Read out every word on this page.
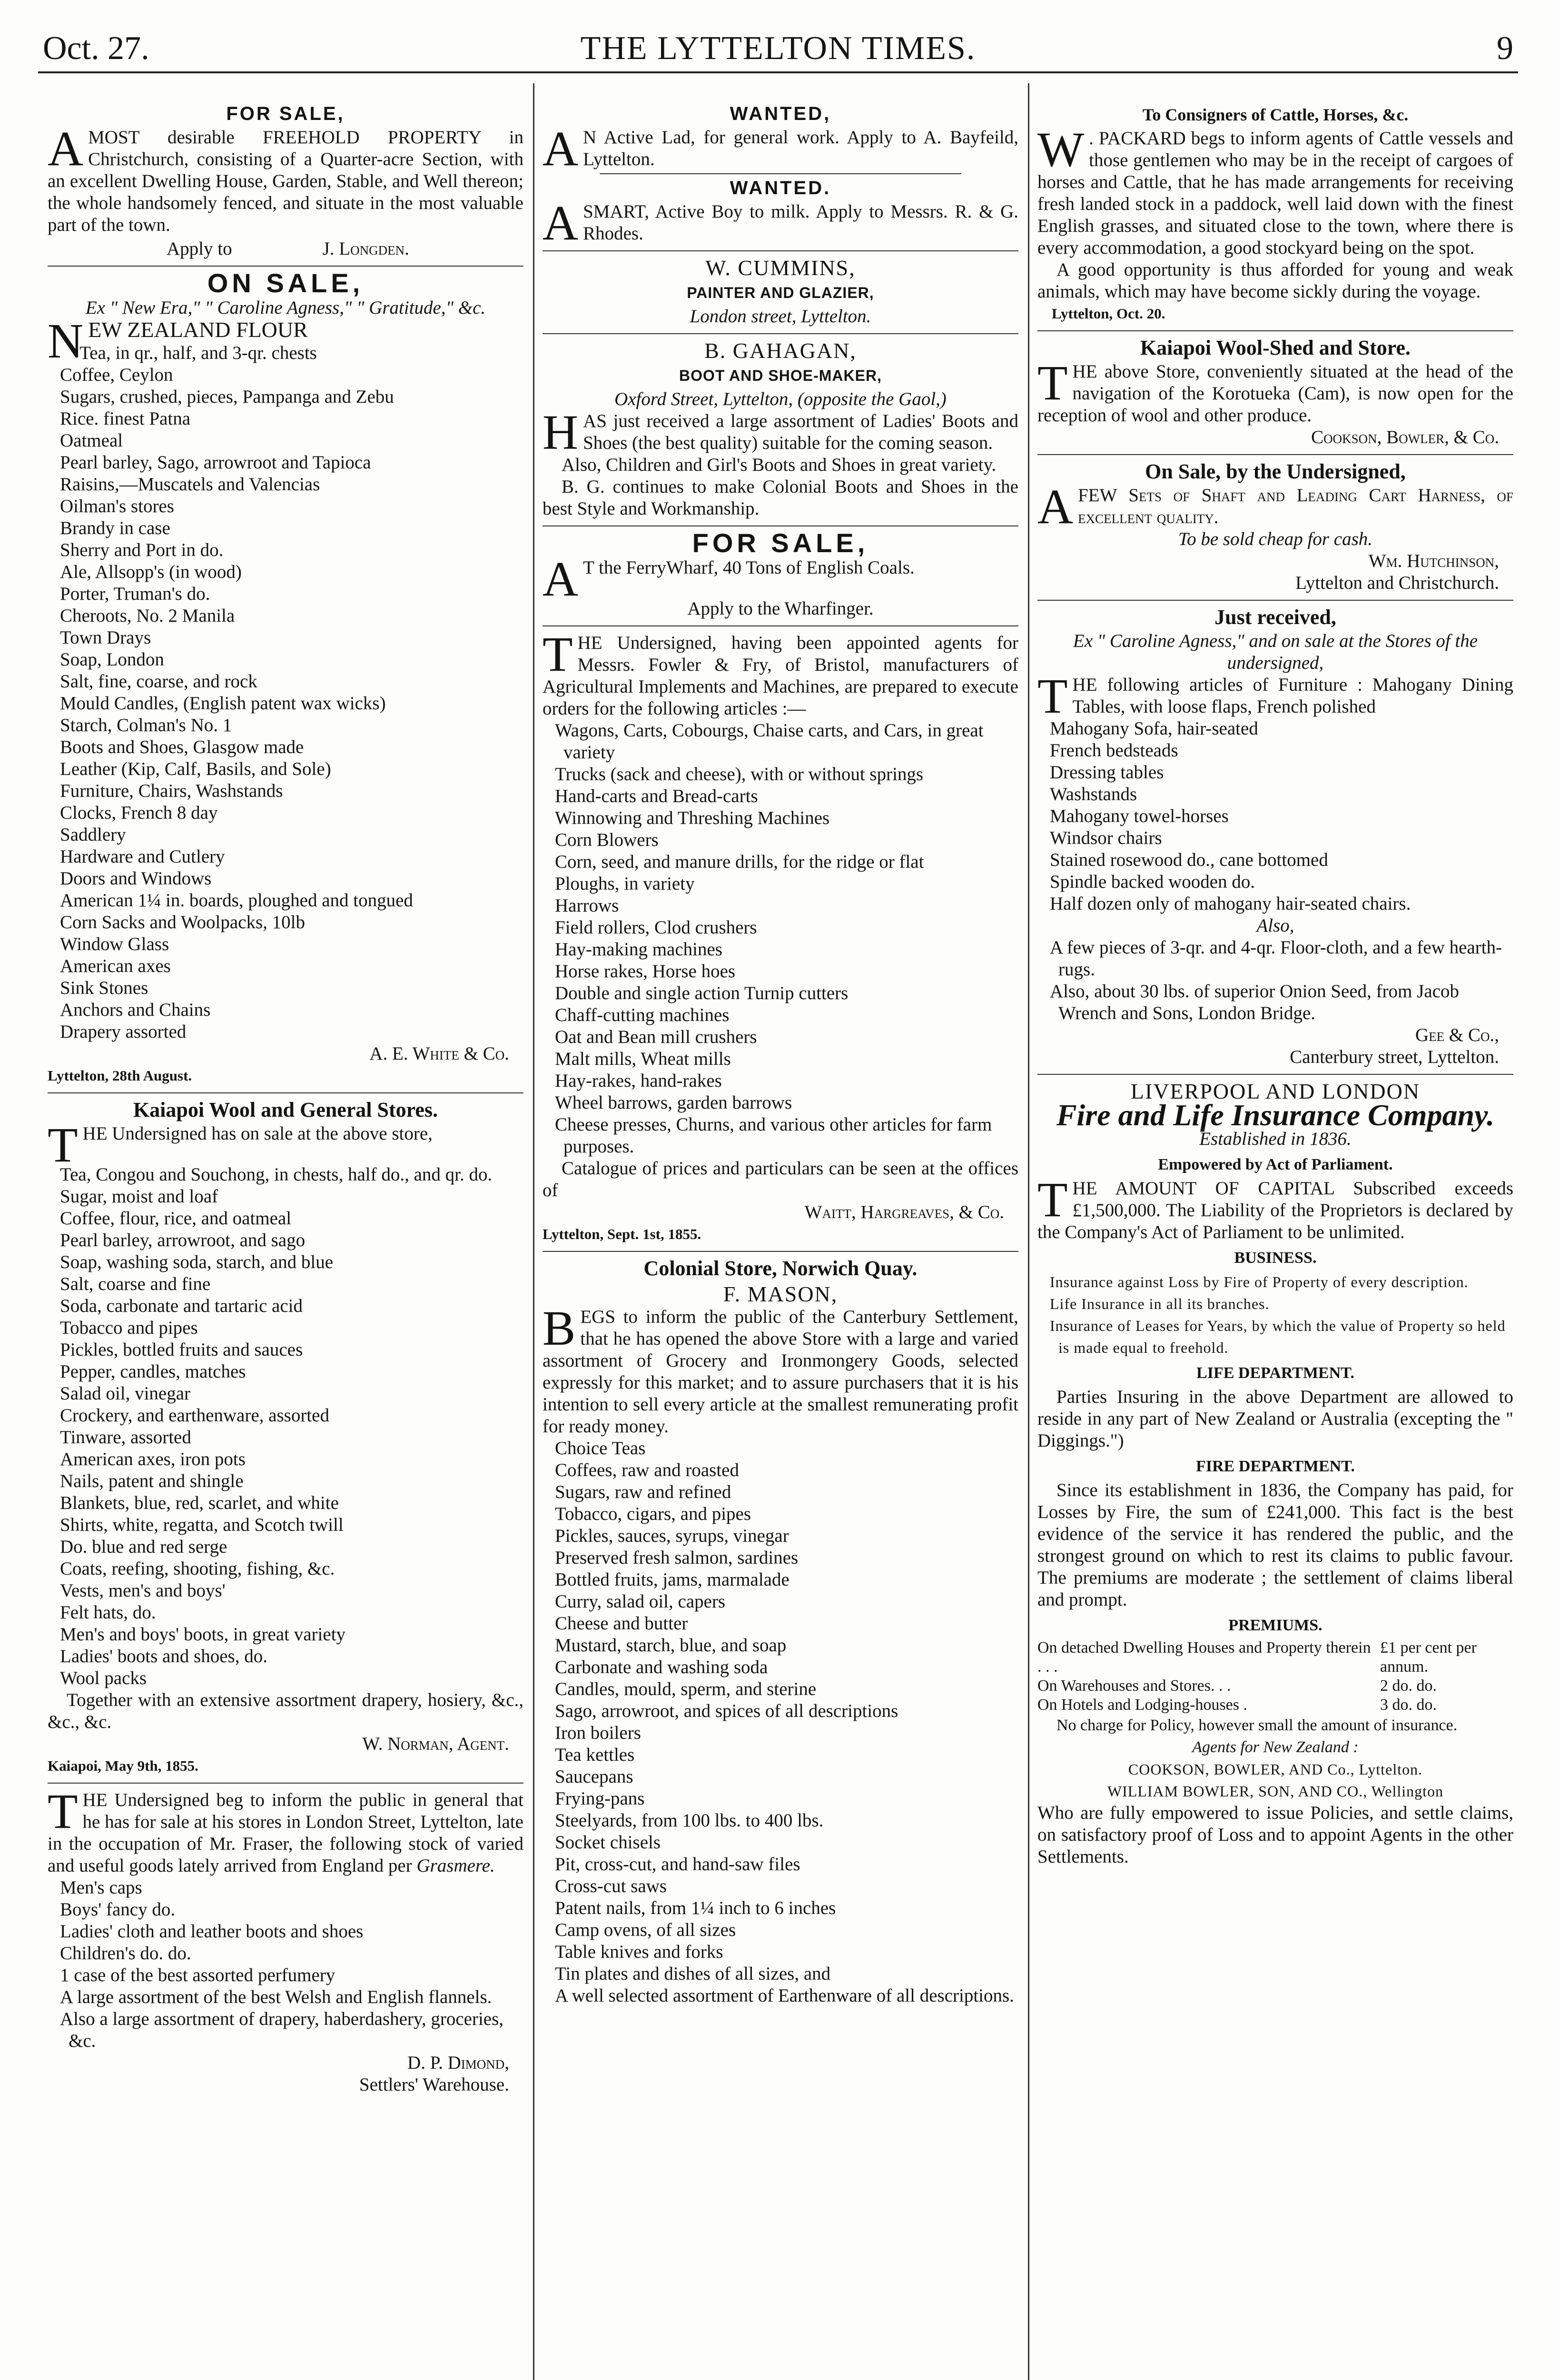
Oct. 27.	THE LYTTELTON TIMES.	9
FOR SALE,

AMOST desirable FREEHOLD PROPERTY in Christchurch, consisting of a Quarter-acre Section, with an excellent Dwelling House, Garden, Stable, and Well thereon; the whole handsomely fenced, and situate in the most valuable part of the town.

Apply to	J. Longden.

ON SALE,
Ex " New Era," " Caroline Agness," " Gratitude," &c.

NEW ZEALAND FLOUR

Tea, in qr., half, and 3-qr. chests
Coffee, Ceylon
Sugars, crushed, pieces, Pampanga and Zebu
Rice. finest Patna
Oatmeal
Pearl barley, Sago, arrowroot and Tapioca
Raisins,—Muscatels and Valencias
Oilman's stores
Brandy in case
Sherry and Port in do.
Ale, Allsopp's (in wood)
Porter, Truman's do.
Cheroots, No. 2 Manila
Town Drays
Soap, London
Salt, fine, coarse, and rock
Mould Candles, (English patent wax wicks)
Starch, Colman's No. 1
Boots and Shoes, Glasgow made
Leather (Kip, Calf, Basils, and Sole)
Furniture, Chairs, Washstands
Clocks, French 8 day
Saddlery
Hardware and Cutlery
Doors and Windows
American 1¼ in. boards, ploughed and tongued
Corn Sacks and Woolpacks, 10lb
Window Glass
American axes
Sink Stones
Anchors and Chains
Drapery assorted
A. E. White & Co.
Lyttelton, 28th August.
Kaiapoi Wool and General Stores.

THE Undersigned has on sale at the above store,

Tea, Congou and Souchong, in chests, half do., and qr. do.
Sugar, moist and loaf
Coffee, flour, rice, and oatmeal
Pearl barley, arrowroot, and sago
Soap, washing soda, starch, and blue
Salt, coarse and fine
Soda, carbonate and tartaric acid
Tobacco and pipes
Pickles, bottled fruits and sauces
Pepper, candles, matches
Salad oil, vinegar
Crockery, and earthenware, assorted
Tinware, assorted
American axes, iron pots
Nails, patent and shingle
Blankets, blue, red, scarlet, and white
Shirts, white, regatta, and Scotch twill
Do. blue and red serge
Coats, reefing, shooting, fishing, &c.
Vests, men's and boys'
Felt hats, do.
Men's and boys' boots, in great variety
Ladies' boots and shoes, do.
Wool packs

Together with an extensive assortment drapery, hosiery, &c., &c., &c.

W. Norman, Agent.
Kaiapoi, May 9th, 1855.

THE Undersigned beg to inform the public in general that he has for sale at his stores in London Street, Lyttelton, late in the occupation of Mr. Fraser, the following stock of varied and useful goods lately arrived from England per Grasmere.

Men's caps
Boys' fancy do.
Ladies' cloth and leather boots and shoes
Children's do. do.
1 case of the best assorted perfumery
A large assortment of the best Welsh and English flannels.
Also a large assortment of drapery, haberdashery, groceries, &c.
D. P. Dimond,
Settlers' Warehouse.
WANTED,

A N Active Lad, for general work. Apply to A. Bayfeild, Lyttelton.

WANTED.

ASMART, Active Boy to milk. Apply to Messrs. R. & G. Rhodes.

W. CUMMINS,
PAINTER AND GLAZIER,
London street, Lyttelton.
B. GAHAGAN,
BOOT AND SHOE-MAKER,
Oxford Street, Lyttelton, (opposite the Gaol,)

HAS just received a large assortment of Ladies' Boots and Shoes (the best quality) suitable for the coming season.

Also, Children and Girl's Boots and Shoes in great variety.

B. G. continues to make Colonial Boots and Shoes in the best Style and Workmanship.

FOR SALE,

A T the FerryWharf, 40 Tons of English Coals.

Apply to the Wharfinger.

THE Undersigned, having been appointed agents for Messrs. Fowler & Fry, of Bristol, manufacturers of Agricultural Implements and Machines, are prepared to execute orders for the following articles :—

Wagons, Carts, Cobourgs, Chaise carts, and Cars, in great variety
Trucks (sack and cheese), with or without springs
Hand-carts and Bread-carts
Winnowing and Threshing Machines
Corn Blowers
Corn, seed, and manure drills, for the ridge or flat
Ploughs, in variety
Harrows
Field rollers, Clod crushers
Hay-making machines
Horse rakes, Horse hoes
Double and single action Turnip cutters
Chaff-cutting machines
Oat and Bean mill crushers
Malt mills, Wheat mills
Hay-rakes, hand-rakes
Wheel barrows, garden barrows
Cheese presses, Churns, and various other articles for farm purposes.

Catalogue of prices and particulars can be seen at the offices of

Waitt, Hargreaves, & Co.
Lyttelton, Sept. 1st, 1855.
Colonial Store, Norwich Quay.
F. MASON,

BEGS to inform the public of the Canterbury Settlement, that he has opened the above Store with a large and varied assortment of Grocery and Ironmongery Goods, selected expressly for this market; and to assure purchasers that it is his intention to sell every article at the smallest remunerating profit for ready money.

Choice Teas
Coffees, raw and roasted
Sugars, raw and refined
Tobacco, cigars, and pipes
Pickles, sauces, syrups, vinegar
Preserved fresh salmon, sardines
Bottled fruits, jams, marmalade
Curry, salad oil, capers
Cheese and butter
Mustard, starch, blue, and soap
Carbonate and washing soda
Candles, mould, sperm, and sterine
Sago, arrowroot, and spices of all descriptions
Iron boilers
Tea kettles
Saucepans
Frying-pans
Steelyards, from 100 lbs. to 400 lbs.
Socket chisels
Pit, cross-cut, and hand-saw files
Cross-cut saws
Patent nails, from 1¼ inch to 6 inches
Camp ovens, of all sizes
Table knives and forks
Tin plates and dishes of all sizes, and
A well selected assortment of Earthenware of all descriptions.
To Consigners of Cattle, Horses, &c.

W . PACKARD begs to inform agents of Cattle vessels and those gentlemen who may be in the receipt of cargoes of horses and Cattle, that he has made arrangements for receiving fresh landed stock in a paddock, well laid down with the finest English grasses, and situated close to the town, where there is every accommodation, a good stockyard being on the spot.

A good opportunity is thus afforded for young and weak animals, which may have become sickly during the voyage.

Lyttelton, Oct. 20.
Kaiapoi Wool-Shed and Store.

THE above Store, conveniently situated at the head of the navigation of the Korotueka (Cam), is now open for the reception of wool and other produce.

Cookson, Bowler, & Co.
On Sale, by the Undersigned,

AFEW Sets of Shaft and Leading Cart Harness, of excellent quality.

To be sold cheap for cash.
Wm. Hutchinson,
Lyttelton and Christchurch.
Just received,
Ex " Caroline Agness," and on sale at the Stores of the undersigned,

THE following articles of Furniture : Mahogany Dining Tables, with loose flaps, French polished

Mahogany Sofa, hair-seated
French bedsteads
Dressing tables
Washstands
Mahogany towel-horses
Windsor chairs
Stained rosewood do., cane bottomed
Spindle backed wooden do.
Half dozen only of mahogany hair-seated chairs.
Also,
A few pieces of 3-qr. and 4-qr. Floor-cloth, and a few hearth-rugs.
Also, about 30 lbs. of superior Onion Seed, from Jacob Wrench and Sons, London Bridge.
Gee & Co.,
Canterbury street, Lyttelton.
LIVERPOOL AND LONDON
Fire and Life Insurance Company.
Established in 1836.
Empowered by Act of Parliament.

THE AMOUNT OF CAPITAL Subscribed exceeds £1,500,000. The Liability of the Proprietors is declared by the Company's Act of Parliament to be unlimited.

BUSINESS.
Insurance against Loss by Fire of Property of every description.
Life Insurance in all its branches.
Insurance of Leases for Years, by which the value of Property so held is made equal to freehold.
LIFE DEPARTMENT.

Parties Insuring in the above Department are allowed to reside in any part of New Zealand or Australia (excepting the " Diggings.")

FIRE DEPARTMENT.

Since its establishment in 1836, the Company has paid, for Losses by Fire, the sum of £241,000. This fact is the best evidence of the service it has rendered the public, and the strongest ground on which to rest its claims to public favour. The premiums are moderate ; the settlement of claims liberal and prompt.

PREMIUMS.
On detached Dwelling Houses and Property therein . . .
£1 per cent per annum.
On Warehouses and Stores. . .	2 do. do.
On Hotels and Lodging-houses .	3 do. do.

No charge for Policy, however small the amount of insurance.

Agents for New Zealand :
COOKSON, BOWLER, AND Co., Lyttelton.
WILLIAM BOWLER, SON, AND CO., Wellington

Who are fully empowered to issue Policies, and settle claims, on satisfactory proof of Loss and to appoint Agents in the other Settlements.
